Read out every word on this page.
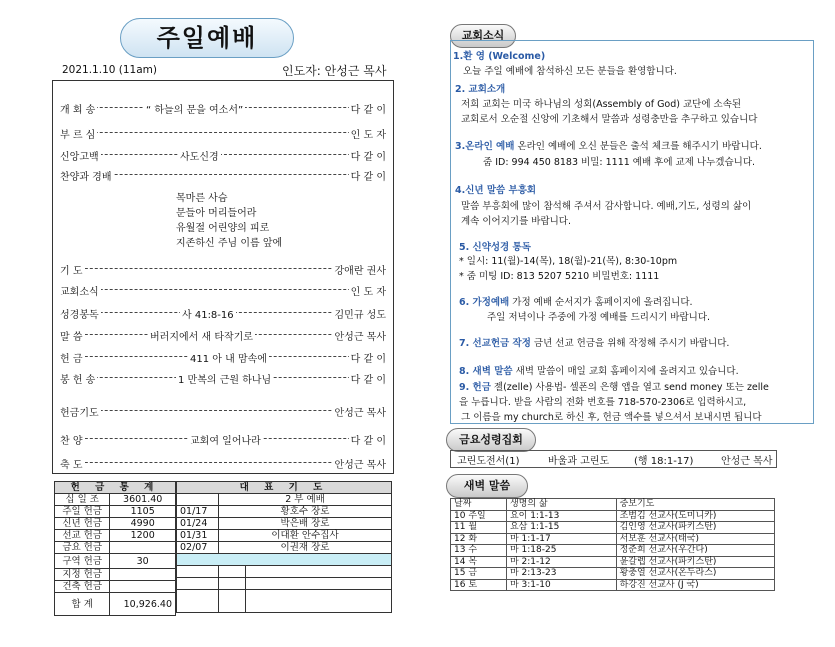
주일예배
2021.1.10 (11am)	인도자: 안성근 목사
개 회 송	“ 하늘의 문을 여소서”	다 같 이
부 르 심	인 도 자
신앙고백	사도신경	다 같 이
찬양과 경배	다 같 이
기 도	강애란 권사
교회소식	인 도 자
성경봉독	사 41:8-16	김민규 성도
말 씀	버러지에서 새 타작기로	안성근 목사
헌 금	411 아 내 맘속에	다 같 이
봉 헌 송	1 만복의 근원 하나님	다 같 이
헌금기도	안성근 목사
찬 양	교회여 일어나라	다 같 이
축 도	안성근 목사
목마른 사슴
문들아 머리들어라
유월절 어린양의 피로
지존하신 주님 이름 앞에
헌 금 통 계	
십 일 조	3601.40
주일 헌금	1105
신년 헌금	4990
선교 헌금	1200
금요 헌금	
구역 헌금	30
지정 헌금	
건축 헌금	
합 계	10,926.40
대 표 기 도		
	2 부 예배	
01/17	황호수 장로	
01/24	박은배 장로	
01/31	이대환 안수집사	
02/07	이권재 장로	

교회소식
1.환 영 (Welcome)
오늘 주일 예배에 참석하신 모든 분들을 환영합니다.
2. 교회소개
저희 교회는 미국 하나님의 성회(Assembly of God) 교단에 소속된
교회로서 오순절 신앙에 기초해서 말씀과 성령충만을 추구하고 있습니다
3.온라인 예배 온라인 예배에 오신 분들은 출석 체크를 해주시기 바랍니다.
줌 ID: 994 450 8183 비밀: 1111 예배 후에 교제 나누겠습니다.
4.신년 말씀 부흥회
말씀 부흥회에 많이 참석해 주셔서 감사합니다. 예배,기도, 성령의 삶이
계속 이어지기를 바랍니다.
5. 신약성경 통독
* 일시: 11(월)-14(목), 18(월)-21(목), 8:30-10pm
* 줌 미팅 ID: 813 5207 5210 비밀번호: 1111
6. 가정예배 가정 예배 순서지가 홈페이지에 올려집니다.
주일 저녁이나 주중에 가정 예배를 드리시기 바랍니다.
7. 선교헌금 작정 금년 선교 헌금을 위해 작정해 주시기 바랍니다.
8. 새벽 말씀 새벽 말씀이 매일 교회 홈페이지에 올려지고 있습니다.
9. 헌금 젤(zelle) 사용법- 셀폰의 은행 앱을 열고 send money 또는 zelle
을 누릅니다. 받을 사람의 전화 번호를 718-570-2306로 입력하시고,
그 이름을 my church로 하신 후, 헌금 액수를 넣으셔서 보내시면 됩니다
금요성령집회
고린도전서(1)	바울과 고린도 (행 18:1-17)	안성근 목사
새벽 말씀
날짜	생명의 삶	중보기도
10 주일	요이 1:1-13	조범김 선교사(도미니카)
11 월	요삼 1:1-15	김인영 선교사(파키스탄)
12 화	마 1:1-17	서보훈 선교사(태국)
13 수	마 1:18-25	정준희 선교사(우간다)
14 목	마 2:1-12	윤갈렙 선교사(파키스탄)
15 금	마 2:13-23	황충열 선교사(온두라스)
16 토	마 3:1-10	하강진 선교사 (J 국)
